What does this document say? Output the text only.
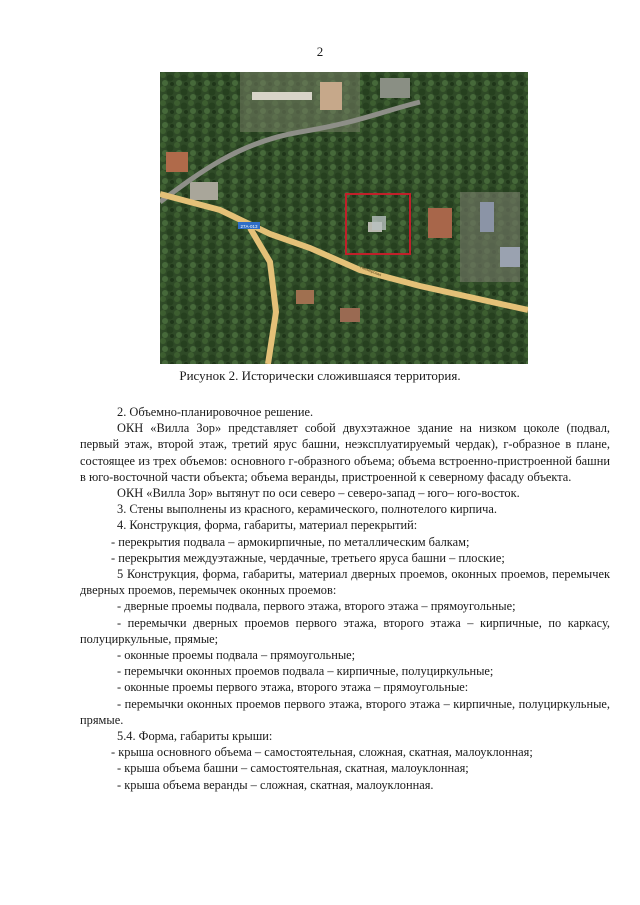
2
27А-013
Пионерская
Рисунок 2. Исторически сложившаяся территория.

2. Объемно-планировочное решение.

ОКН «Вилла Зор» представляет собой двухэтажное здание на низком цоколе (подвал, первый этаж, второй этаж, третий ярус башни, неэксплуатируемый чердак), г-образное в плане, состоящее из трех объемов: основного г-образного объема; объема встроенно-пристроенной башни в юго-восточной части объекта; объема веранды, пристроенной к северному фасаду объекта.

ОКН «Вилла Зор» вытянут по оси северо – северо-запад – юго– юго-восток.

3. Стены выполнены из красного, керамического, полнотелого кирпича.

4. Конструкция, форма, габариты, материал перекрытий:

- перекрытия подвала – армокирпичные, по металлическим балкам;

- перекрытия междуэтажные, чердачные, третьего яруса башни – плоские;

5 Конструкция, форма, габариты, материал дверных проемов, оконных проемов, перемычек дверных проемов, перемычек оконных проемов:

- дверные проемы подвала, первого этажа, второго этажа – прямоугольные;

- перемычки дверных проемов первого этажа, второго этажа – кирпичные, по каркасу, полуциркульные, прямые;

- оконные проемы подвала – прямоугольные;

- перемычки оконных проемов подвала – кирпичные, полуциркульные;

- оконные проемы первого этажа, второго этажа – прямоугольные:

- перемычки оконных проемов первого этажа, второго этажа – кирпичные, полуциркульные, прямые.

5.4. Форма, габариты крыши:

- крыша основного объема – самостоятельная, сложная, скатная, малоуклонная;

- крыша объема башни – самостоятельная, скатная, малоуклонная;

- крыша объема веранды – сложная, скатная, малоуклонная.
